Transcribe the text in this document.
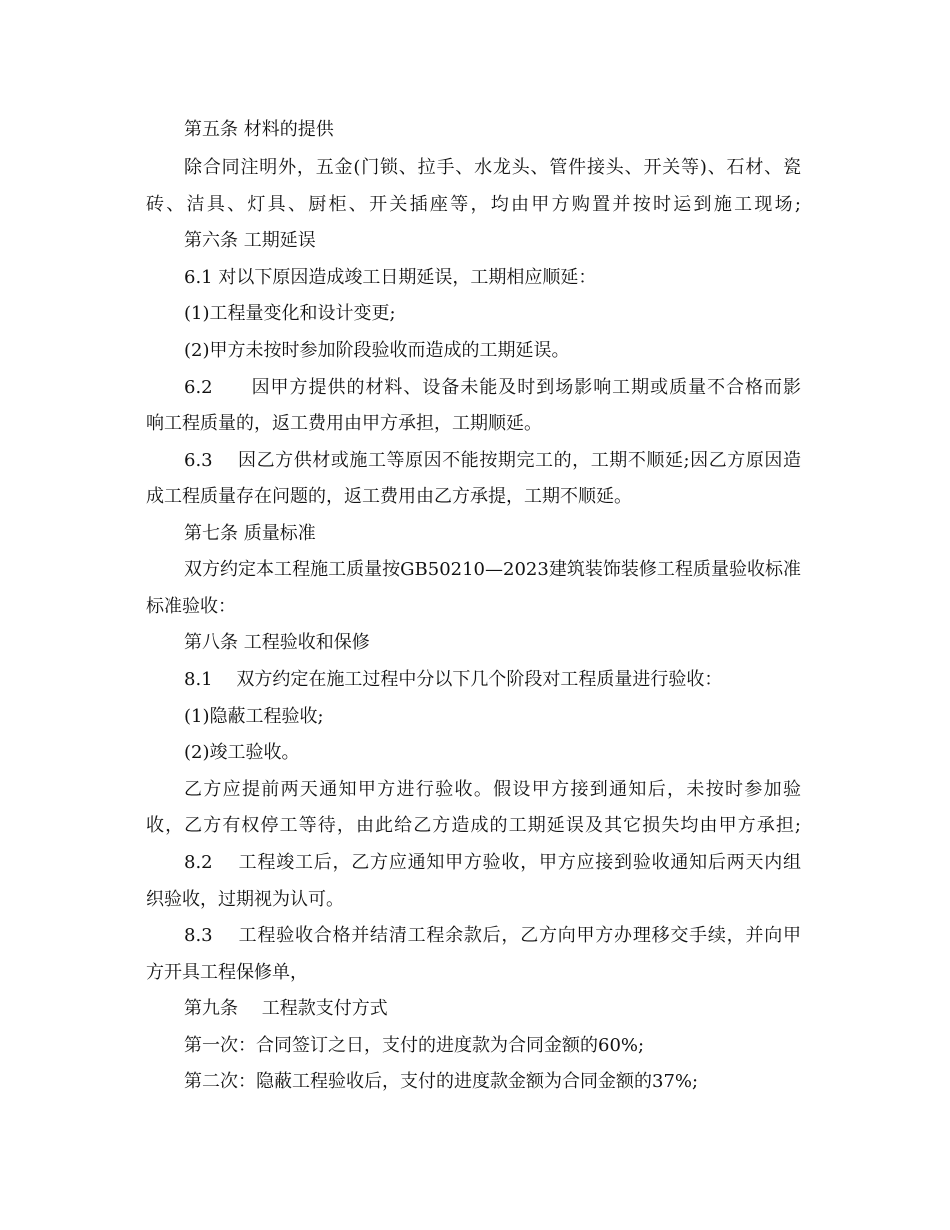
第五条 材料的提供
除合同注明外，五金(门锁、拉手、水龙头、管件接头、开关等)、石材、瓷
砖、洁具、灯具、厨柜、开关插座等，均由甲方购置并按时运到施工现场;
第六条 工期延误
6.1 对以下原因造成竣工日期延误，工期相应顺延：
(1)工程量变化和设计变更;
(2)甲方未按时参加阶段验收而造成的工期延误。
6.2　　因甲方提供的材料、设备未能及时到场影响工期或质量不合格而影
响工程质量的，返工费用由甲方承担，工期顺延。
6.3　 因乙方供材或施工等原因不能按期完工的，工期不顺延;因乙方原因造
成工程质量存在问题的，返工费用由乙方承提，工期不顺延。
第七条 质量标准
双方约定本工程施工质量按GB50210—2023建筑装饰装修工程质量验收标准
标准验收：
第八条 工程验收和保修
8.1　 双方约定在施工过程中分以下几个阶段对工程质量进行验收：
(1)隐蔽工程验收;
(2)竣工验收。
乙方应提前两天通知甲方进行验收。假设甲方接到通知后，未按时参加验
收，乙方有权停工等待，由此给乙方造成的工期延误及其它损失均由甲方承担;
8.2　 工程竣工后，乙方应通知甲方验收，甲方应接到验收通知后两天内组
织验收，过期视为认可。
8.3　 工程验收合格并结清工程余款后，乙方向甲方办理移交手续，并向甲
方开具工程保修单，
第九条　 工程款支付方式
第一次：合同签订之日，支付的进度款为合同金额的60%;
第二次：隐蔽工程验收后，支付的进度款金额为合同金额的37%;
